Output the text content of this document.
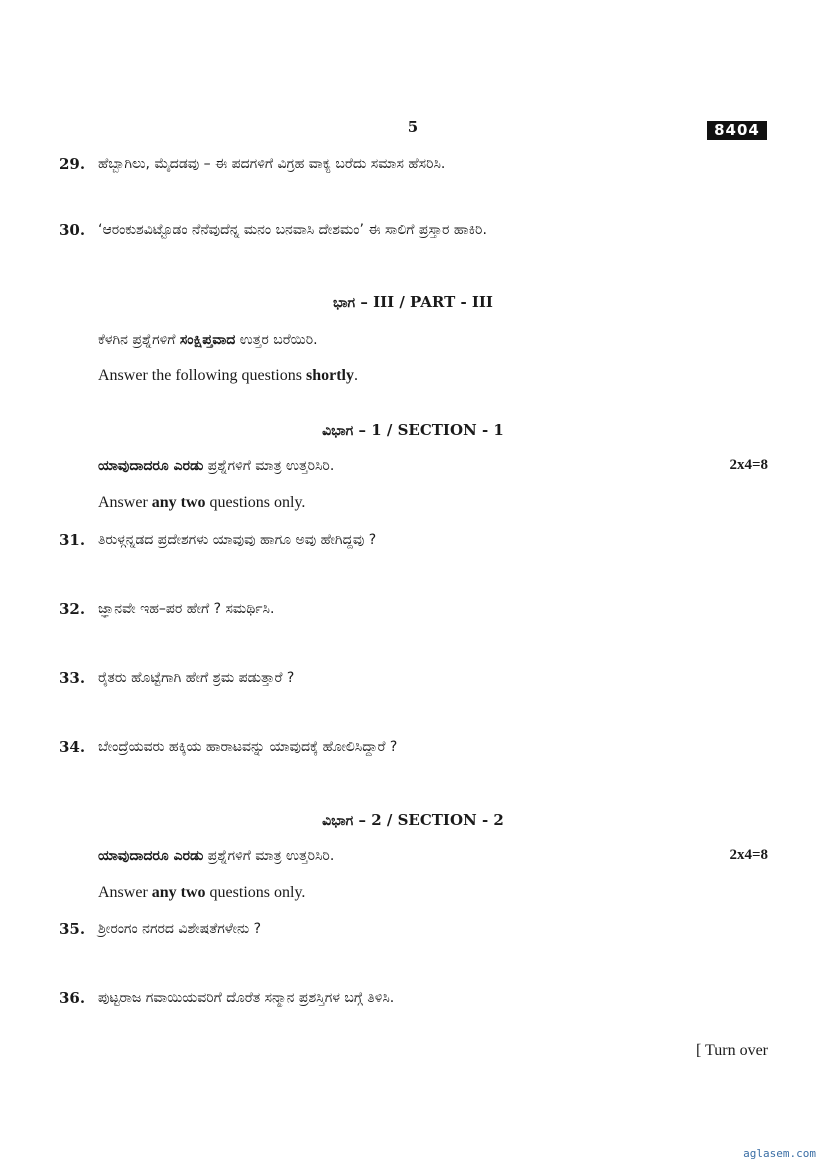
5	8404
29. ಹೆಬ್ಬಾಗಿಲು, ಮೈದಡವು – ಈ ಪದಗಳಿಗೆ ವಿಗ್ರಹ ವಾಕ್ಯ ಬರೆದು ಸಮಾಸ ಹೆಸರಿಸಿ.
30. ‘ಆರಂಕುಶವಿಟ್ಟೊಡಂ ನೆನೆವುದೆನ್ನ ಮನಂ ಬನವಾಸಿ ದೇಶಮಂ’ ಈ ಸಾಲಿಗೆ ಪ್ರಸ್ತಾರ ಹಾಕಿರಿ.
ಭಾಗ – III / PART - III
ಕೆಳಗಿನ ಪ್ರಶ್ನೆಗಳಿಗೆ ಸಂಕ್ಷಿಪ್ತವಾದ ಉತ್ತರ ಬರೆಯಿರಿ.
Answer the following questions shortly.
ವಿಭಾಗ – 1 / SECTION - 1
ಯಾವುದಾದರೂ ಎರಡು ಪ್ರಶ್ನೆಗಳಿಗೆ ಮಾತ್ರ ಉತ್ತರಿಸಿರಿ.	2x4=8
Answer any two questions only.
31. ತಿರುಳ್ಗನ್ನಡದ ಪ್ರದೇಶಗಳು ಯಾವುವು ಹಾಗೂ ಅವು ಹೇಗಿದ್ದವು ?
32. ಜ್ಞಾನವೇ ಇಹ–ಪರ ಹೇಗೆ ? ಸಮರ್ಥಿಸಿ.
33. ರೈತರು ಹೊಟ್ಟೆಗಾಗಿ ಹೇಗೆ ಶ್ರಮ ಪಡುತ್ತಾರೆ ?
34. ಬೇಂದ್ರೆಯವರು ಹಕ್ಕಿಯ ಹಾರಾಟವನ್ನು ಯಾವುದಕ್ಕೆ ಹೋಲಿಸಿದ್ದಾರೆ ?
ವಿಭಾಗ – 2 / SECTION - 2
ಯಾವುದಾದರೂ ಎರಡು ಪ್ರಶ್ನೆಗಳಿಗೆ ಮಾತ್ರ ಉತ್ತರಿಸಿರಿ.	2x4=8
Answer any two questions only.
35. ಶ್ರೀರಂಗಂ ನಗರದ ವಿಶೇಷತೆಗಳೇನು ?
36. ಪುಟ್ಟರಾಜ ಗವಾಯಿಯವರಿಗೆ ದೊರೆತ ಸನ್ಮಾನ ಪ್ರಶಸ್ತಿಗಳ ಬಗ್ಗೆ ತಿಳಿಸಿ.
[ Turn over
aglasem.com
